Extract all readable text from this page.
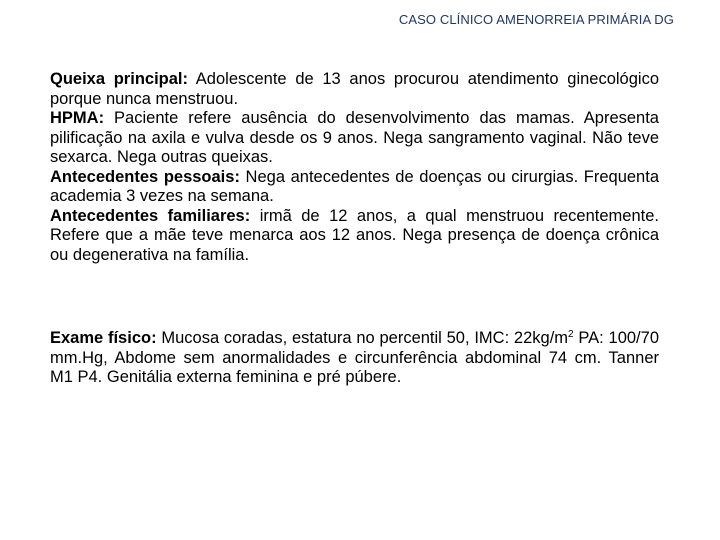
CASO CLÍNICO AMENORREIA PRIMÁRIA DG

Queixa principal: Adolescente de 13 anos procurou atendimento ginecológico porque nunca menstruou.

HPMA: Paciente refere ausência do desenvolvimento das mamas. Apresenta pilificação na axila e vulva desde os 9 anos. Nega sangramento vaginal. Não teve sexarca. Nega outras queixas.

Antecedentes pessoais: Nega antecedentes de doenças ou cirurgias. Frequenta academia 3 vezes na semana.

Antecedentes familiares: irmã de 12 anos, a qual menstruou recentemente. Refere que a mãe teve menarca aos 12 anos. Nega presença de doença crônica ou degenerativa na família.

Exame físico: Mucosa coradas, estatura no percentil 50, IMC: $22kg/m^2$ PA: 100/70 mm.Hg, Abdome sem anormalidades e circunferência abdominal 74 cm. Tanner M1 P4. Genitália externa feminina e pré púbere.
